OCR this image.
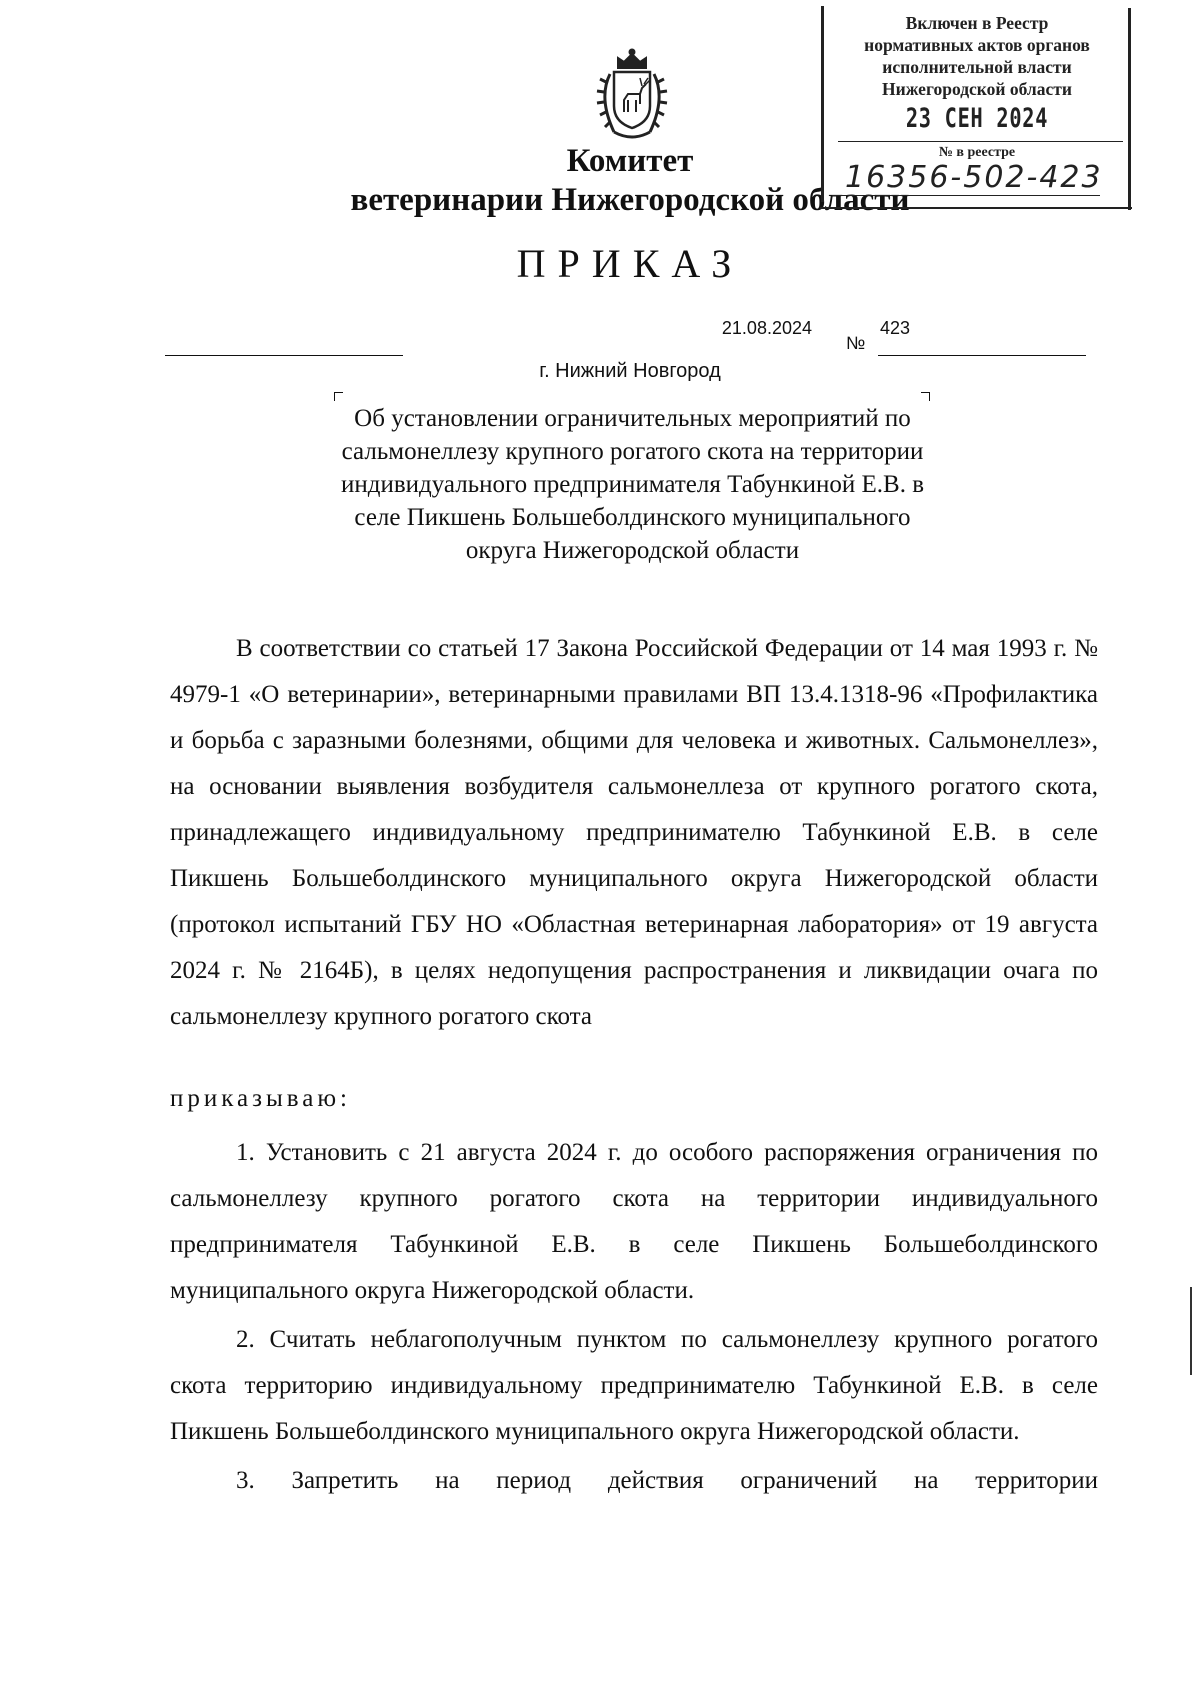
Комитет
ветеринарии Нижегородской области
ПРИКАЗ
21.08.2024
№
423
г. Нижний Новгород
Об установлении ограничительных мероприятий по сальмонеллезу крупного рогатого скота на территории индивидуального предпринимателя Табункиной Е.В. в селе Пикшень Большеболдинского муниципального округа Нижегородской области
В соответствии со статьей 17 Закона Российской Федерации от 14 мая 1993 г. № 4979-1 «О ветеринарии», ветеринарными правилами ВП 13.4.1318-96 «Профилактика и борьба с заразными болезнями, общими для человека и животных. Сальмонеллез», на основании выявления возбудителя сальмонеллеза от крупного рогатого скота, принадлежащего индивидуальному предпринимателю Табункиной Е.В. в селе Пикшень Большеболдинского муниципального округа Нижегородской области (протокол испытаний ГБУ НО «Областная ветеринарная лаборатория» от 19 августа 2024 г. № 2164Б), в целях недопущения распространения и ликвидации очага по сальмонеллезу крупного рогатого скота
приказываю:
1. Установить с 21 августа 2024 г. до особого распоряжения ограничения по сальмонеллезу крупного рогатого скота на территории индивидуального предпринимателя Табункиной Е.В. в селе Пикшень Большеболдинского муниципального округа Нижегородской области.
2. Считать неблагополучным пунктом по сальмонеллезу крупного рогатого скота территорию индивидуальному предпринимателю Табункиной Е.В. в селе Пикшень Большеболдинского муниципального округа Нижегородской области.
3. Запретить на период действия ограничений на территории
Включен в Реестр
нормативных актов органов
исполнительной власти
Нижегородской области
23 СЕН 2024
№ в реестре
16356-502-423
